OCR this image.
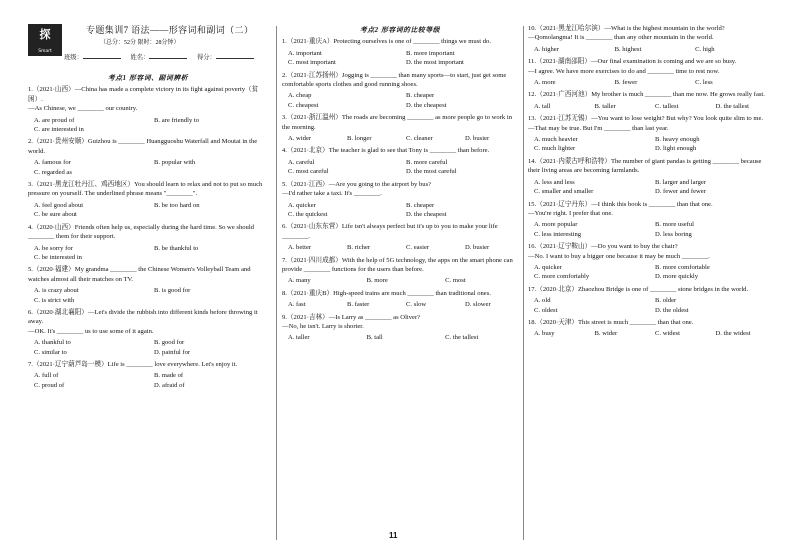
探
Smart
专题集训7 语法——形容词和副词（二）
（总分：52分 限时：28分钟）
班级：	姓名：	得分：
考点1 形容词、副词辨析

1.（2021·山西）—China has made a complete victory in its fight against poverty（贫困）.

—As Chinese, we ________ our country.

A. are proud of	B. are friendly to
C. are interested in

2.（2021·贵州安顺）Guizhou is ________ Huangguoshu Waterfall and Moutai in the world.

A. famous for	B. popular with
C. regarded as

3.（2021·黑龙江牡丹江、鸡西地区）You should learn to relax and not to put so much pressure on yourself. The underlined phrase means "________".

A. feel good about	B. be too hard on
C. be sure about

4.（2020·山西）Friends often help us, especially during the hard time. So we should ________ them for their support.

A. be sorry for	B. be thankful to
C. be interested in

5.（2020·福建）My grandma ________ the Chinese Women's Volleyball Team and watches almost all their matches on TV.

A. is crazy about	B. is good for
C. is strict with

6.（2020·湖北襄阳）—Let's divide the rubbish into different kinds before throwing it away.

—OK. It's ________ us to use some of it again.

A. thankful to	B. good for
C. similar to	D. painful for

7.（2021·辽宁葫芦岛一模）Life is ________ love everywhere. Let's enjoy it.

A. full of	B. made of
C. proud of	D. afraid of
考点2 形容词的比较等级

1.（2021·重庆A）Protecting ourselves is one of ________ things we must do.

A. important	B. more important
C. most important	D. the most important

2.（2021·江苏扬州）Jogging is ________ than many sports—to start, just get some comfortable sports clothes and good running shoes.

A. cheap	B. cheaper
C. cheapest	D. the cheapest

3.（2021·浙江温州）The roads are becoming ________ as more people go to work in the morning.

A. wider	B. longer	C. cleaner	D. busier

4.（2021·北京）The teacher is glad to see that Tony is ________ than before.

A. careful	B. more careful
C. most careful	D. the most careful

5.（2021·江西）—Are you going to the airport by bus?

—I'd rather take a taxi. It's ________.

A. quicker	B. cheaper
C. the quickest	D. the cheapest

6.（2021·山东东营）Life isn't always perfect but it's up to you to make your life ________.

A. better	B. richer	C. easier	D. busier

7.（2021·四川成都）With the help of 5G technology, the apps on the smart phone can provide ________ functions for the users than before.

A. many	B. more	C. most

8.（2021·重庆B）High-speed trains are much ________ than traditional ones.

A. fast	B. faster	C. slow	D. slower

9.（2021·吉林）—Is Larry as ________ as Oliver?

—No, he isn't. Larry is shorter.

A. taller	B. tall	C. the tallest

10.（2021·黑龙江哈尔滨）—What is the highest mountain in the world?

—Qomolangma! It is ________ than any other mountain in the world.

A. higher	B. highest	C. high

11.（2021·湖南邵阳）—Our final examination is coming and we are so busy.

—I agree. We have more exercises to do and ________ time to rest now.

A. more	B. fewer	C. less

12.（2021·广西河池）My brother is much ________ than me now. He grows really fast.

A. tall	B. taller	C. tallest	D. the tallest

13.（2021·江苏无锡）—You want to lose weight? But why? You look quite slim to me.

—That may be true. But I'm ________ than last year.

A. much heavier	B. heavy enough
C. much lighter	D. light enough

14.（2021·内蒙古呼和浩特）The number of giant pandas is getting ________ because their living areas are becoming farmlands.

A. less and less	B. larger and larger
C. smaller and smaller	D. fewer and fewer

15.（2021·辽宁丹东）—I think this book is ________ than that one.

—You're right. I prefer that one.

A. more popular	B. more useful
C. less interesting	D. less boring

16.（2021·辽宁鞍山）—Do you want to buy the chair?

—No. I want to buy a bigger one because it may be much ________.

A. quicker	B. more comfortable
C. more comfortably	D. more quickly

17.（2020·北京）Zhaozhou Bridge is one of ________ stone bridges in the world.

A. old	B. older
C. oldest	D. the oldest

18.（2020·天津）This street is much ________ than that one.

A. busy	B. wider	C. widest	D. the widest
11
